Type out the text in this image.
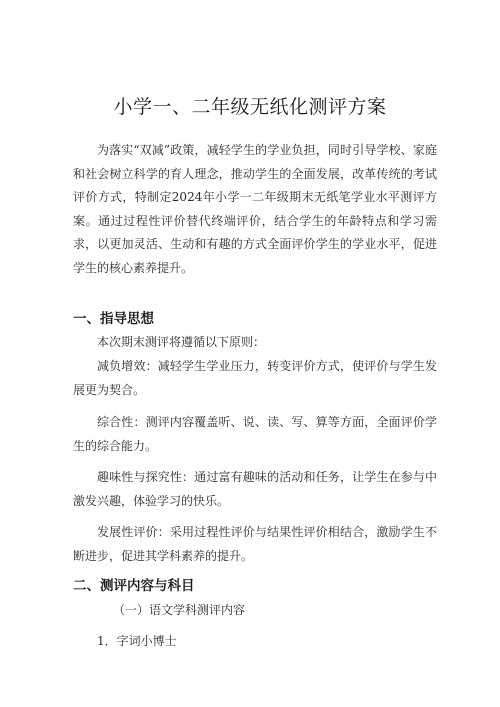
小学一、二年级无纸化测评方案

为落实“双减”政策，减轻学生的学业负担，同时引导学校、家庭和社会树立科学的育人理念，推动学生的全面发展，改革传统的考试评价方式，特制定2024年小学一二年级期末无纸笔学业水平测评方案。通过过程性评价替代终端评价，结合学生的年龄特点和学习需求，以更加灵活、生动和有趣的方式全面评价学生的学业水平，促进学生的核心素养提升。

一、指导思想

本次期末测评将遵循以下原则：

减负增效：减轻学生学业压力，转变评价方式，使评价与学生发展更为契合。

综合性：测评内容覆盖听、说、读、写、算等方面，全面评价学生的综合能力。

趣味性与探究性：通过富有趣味的活动和任务，让学生在参与中激发兴趣，体验学习的快乐。

发展性评价：采用过程性评价与结果性评价相结合，激励学生不断进步，促进其学科素养的提升。

二、测评内容与科目
（一）语文学科测评内容
1．字词小博士
